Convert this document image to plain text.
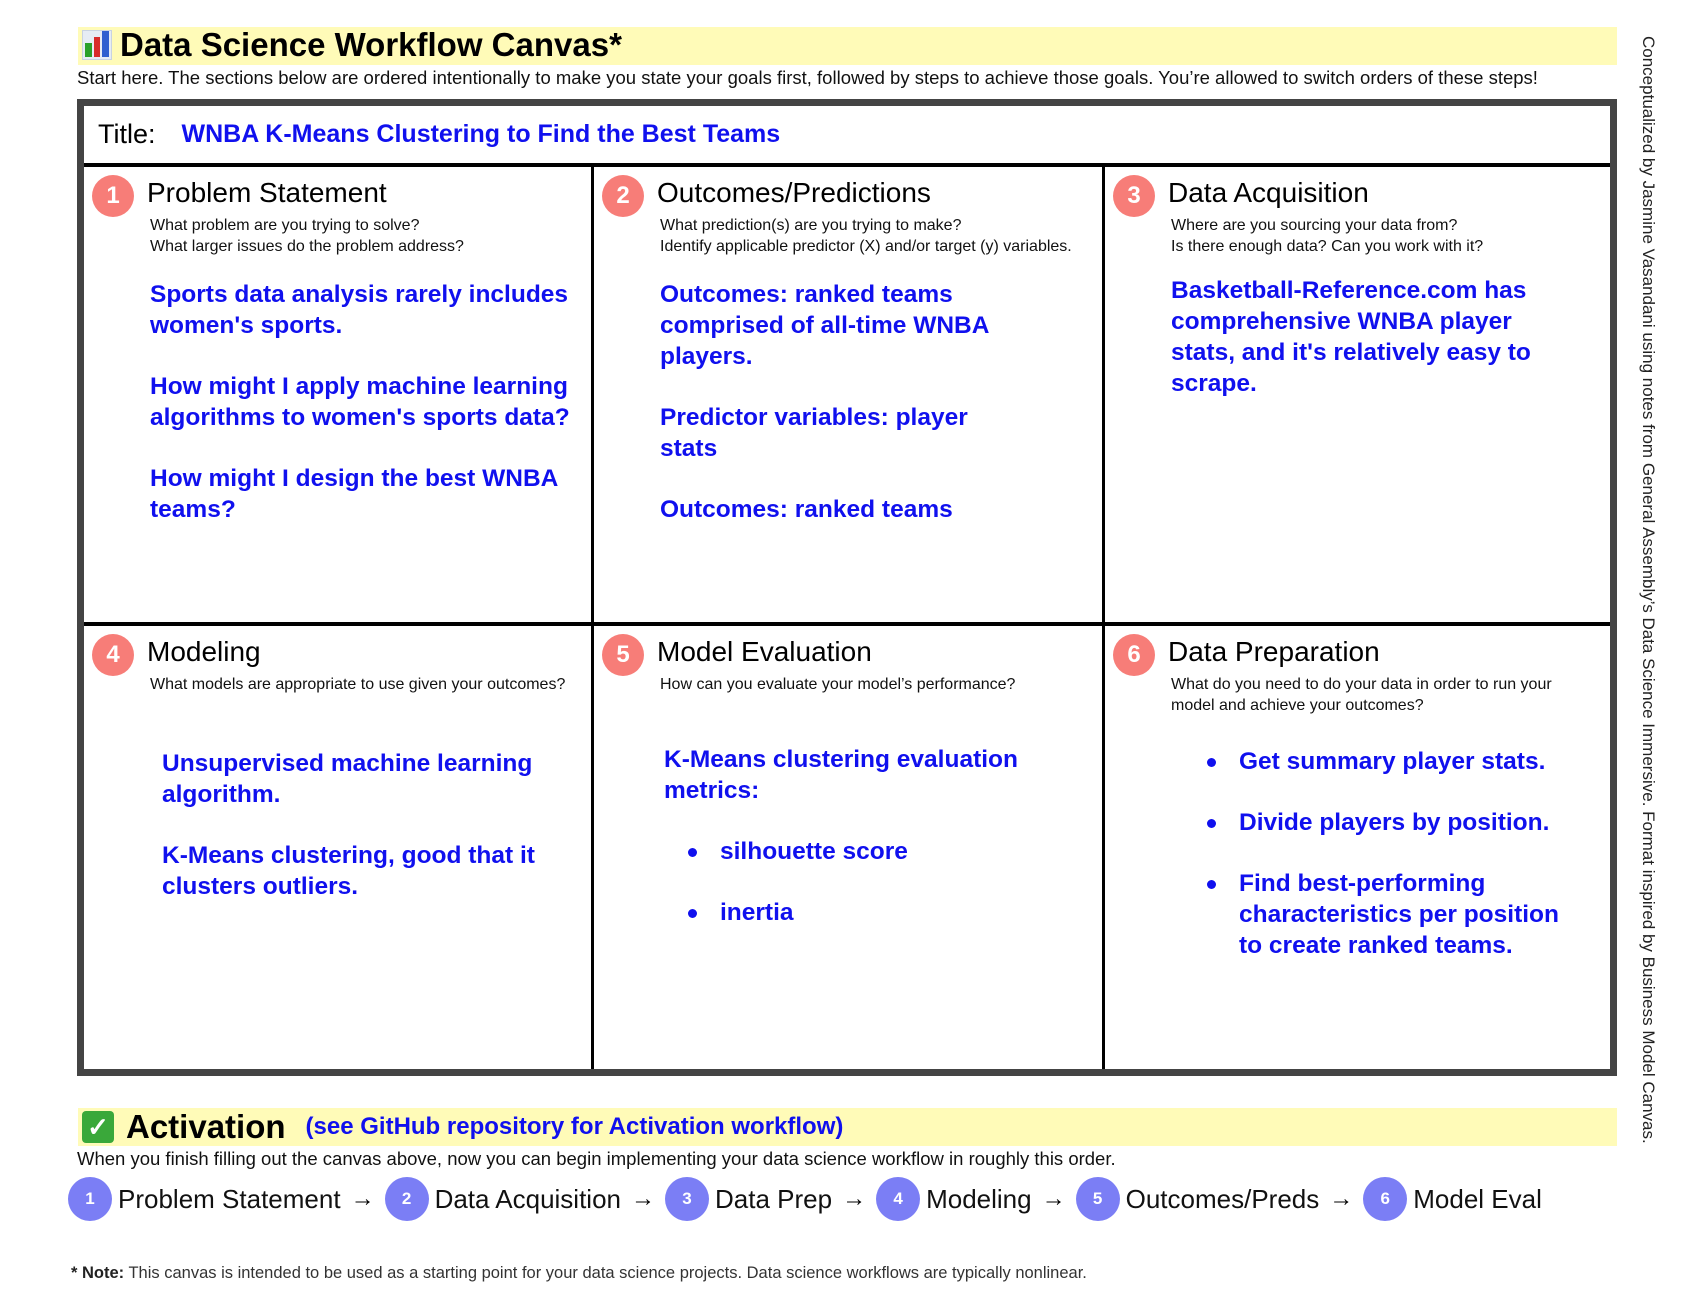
Data Science Workflow Canvas*
Start here. The sections below are ordered intentionally to make you state your goals first, followed by steps to achieve those goals. You’re allowed to switch orders of these steps!
Title: WNBA K-Means Clustering to Find the Best Teams
1 Problem Statement
What problem are you trying to solve?
What larger issues do the problem address?

Sports data analysis rarely includes women's sports.

How might I apply machine learning algorithms to women's sports data?

How might I design the best WNBA teams?

2 Outcomes/Predictions
What prediction(s) are you trying to make?
Identify applicable predictor (X) and/or target (y) variables.

Outcomes: ranked teams comprised of all-time WNBA players.

Predictor variables: player stats

Outcomes: ranked teams

3 Data Acquisition
Where are you sourcing your data from?
Is there enough data? Can you work with it?

Basketball-Reference.com has comprehensive WNBA player stats, and it's relatively easy to scrape.

4 Modeling
What models are appropriate to use given your outcomes?

Unsupervised machine learning algorithm.

K-Means clustering, good that it clusters outliers.

5 Model Evaluation
How can you evaluate your model’s performance?

K-Means clustering evaluation metrics:

silhouette score
inertia
6 Data Preparation
What do you need to do your data in order to run your
model and achieve your outcomes?
Get summary player stats.
Divide players by position.
Find best-performing characteristics per position to create ranked teams.
✓ Activation (see GitHub repository for Activation workflow)
When you finish filling out the canvas above, now you can begin implementing your data science workflow in roughly this order.
1 Problem Statement →	2 Data Acquisition →	3 Data Prep →	4 Modeling →	5 Outcomes/Preds →	6 Model Eval
* Note: This canvas is intended to be used as a starting point for your data science projects. Data science workflows are typically nonlinear.
Conceptualized by Jasmine Vasandani using notes from General Assembly’s Data Science Immersive. Format inspired by Business Model Canvas.
